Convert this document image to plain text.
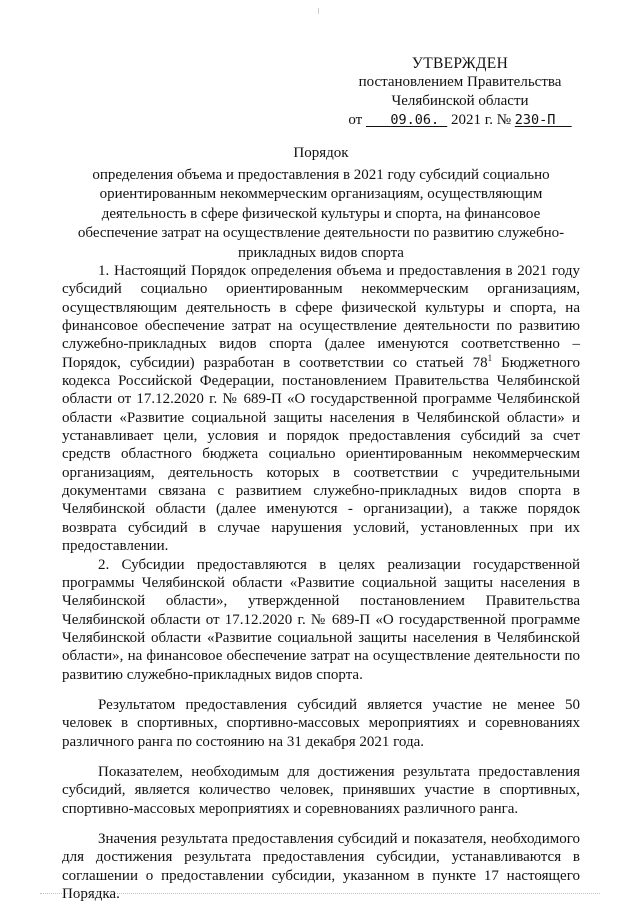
УТВЕРЖДЕН
постановлением Правительства
Челябинской области
от 09.06. 2021 г. № 230-П
Порядок
определения объема и предоставления в 2021 году субсидий социально ориентированным некоммерческим организациям, осуществляющим деятельность в сфере физической культуры и спорта, на финансовое обеспечение затрат на осуществление деятельности по развитию служебно-прикладных видов спорта

1. Настоящий Порядок определения объема и предоставления в 2021 году субсидий социально ориентированным некоммерческим организациям, осуществляющим деятельность в сфере физической культуры и спорта, на финансовое обеспечение затрат на осуществление деятельности по развитию служебно-прикладных видов спорта (далее именуются соответственно – Порядок, субсидии) разработан в соответствии со статьей $78^1$ Бюджетного кодекса Российской Федерации, постановлением Правительства Челябинской области от 17.12.2020 г. № 689-П «О государственной программе Челябинской области «Развитие социальной защиты населения в Челябинской области» и устанавливает цели, условия и порядок предоставления субсидий за счет средств областного бюджета социально ориентированным некоммерческим организациям, деятельность которых в соответствии с учредительными документами связана с развитием служебно-прикладных видов спорта в Челябинской области (далее именуются - организации), а также порядок возврата субсидий в случае нарушения условий, установленных при их предоставлении.

2. Субсидии предоставляются в целях реализации государственной программы Челябинской области «Развитие социальной защиты населения в Челябинской области», утвержденной постановлением Правительства Челябинской области от 17.12.2020 г. № 689-П «О государственной программе Челябинской области «Развитие социальной защиты населения в Челябинской области», на финансовое обеспечение затрат на осуществление деятельности по развитию служебно-прикладных видов спорта.

Результатом предоставления субсидий является участие не менее 50 человек в спортивных, спортивно-массовых мероприятиях и соревнованиях различного ранга по состоянию на 31 декабря 2021 года.

Показателем, необходимым для достижения результата предоставления субсидий, является количество человек, принявших участие в спортивных, спортивно-массовых мероприятиях и соревнованиях различного ранга.

Значения результата предоставления субсидий и показателя, необходимого для достижения результата предоставления субсидии, устанавливаются в соглашении о предоставлении субсидии, указанном в пункте 17 настоящего Порядка.
